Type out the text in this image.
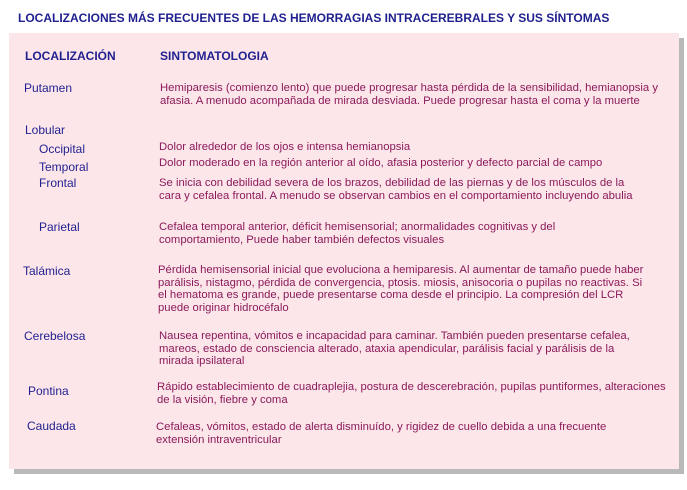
LOCALIZACIONES MÁS FRECUENTES DE LAS HEMORRAGIAS INTRACEREBRALES Y SUS SÍNTOMAS
LOCALIZACIÓN	SINTOMATOLOGIA
Putamen	Hemiparesis (comienzo lento) que puede progresar hasta pérdida de la sensibilidad, hemianopsia y afasia. A menudo acompañada de mirada desviada. Puede progresar hasta el coma y la muerte
Lobular
Occipital	Dolor alrededor de los ojos e intensa hemianopsia
Temporal	Dolor moderado en la región anterior al oído, afasia posterior y defecto parcial de campo
Frontal	Se inicia con debilidad severa de los brazos, debilidad de las piernas y de los músculos de la cara y cefalea frontal. A menudo se observan cambios en el comportamiento incluyendo abulia
Parietal	Cefalea temporal anterior, déficit hemisensorial; anormalidades cognitivas y del comportamiento, Puede haber también defectos visuales
Talámica	Pérdida hemisensorial inicial que evoluciona a hemiparesis. Al aumentar de tamaño puede haber parálisis, nistagmo, pérdida de convergencia, ptosis. miosis, anisocoria o pupilas no reactivas. Si el hematoma es grande, puede presentarse coma desde el principio. La compresión del LCR puede originar hidrocéfalo
Cerebelosa	Nausea repentina, vómitos e incapacidad para caminar. También pueden presentarse cefalea, mareos, estado de consciencia alterado, ataxia apendicular, parálisis facial y parálisis de la mirada ipsilateral
Pontina	Rápido establecimiento de cuadraplejia, postura de descerebración, pupilas puntiformes, alteraciones de la visión, fiebre y coma
Caudada	Cefaleas, vómitos, estado de alerta disminuído, y rigidez de cuello debida a una frecuente extensión intraventricular
